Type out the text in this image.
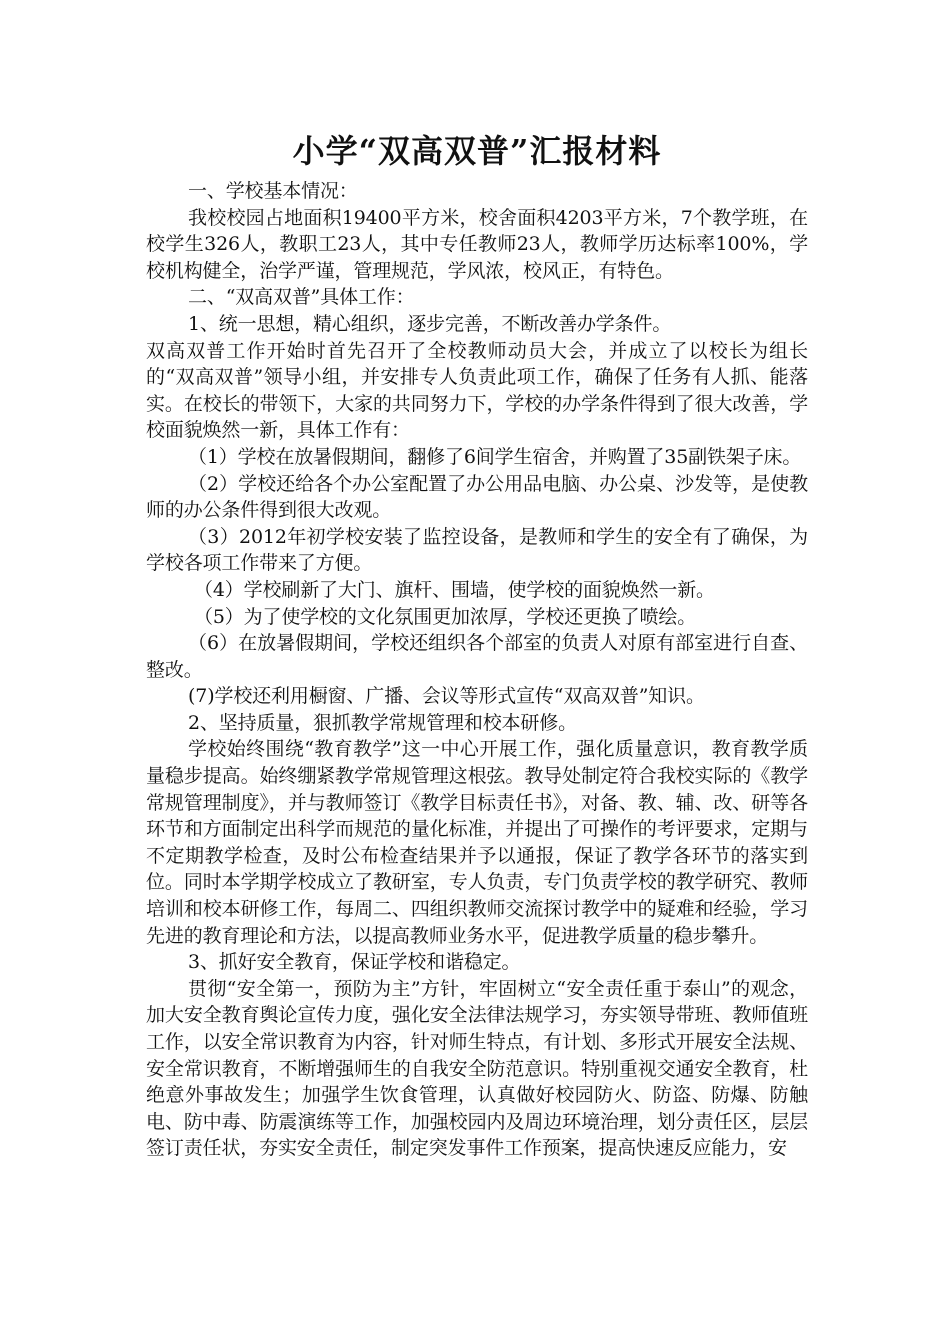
小学“双高双普”汇报材料

一、学校基本情况：

我校校园占地面积19400平方米，校舍面积4203平方米，7个教学班，在校学生326人，教职工23人，其中专任教师23人，教师学历达标率100%，学校机构健全，治学严谨，管理规范，学风浓，校风正，有特色。

二、“双高双普”具体工作：

1、统一思想，精心组织，逐步完善，不断改善办学条件。

双高双普工作开始时首先召开了全校教师动员大会，并成立了以校长为组长的“双高双普”领导小组，并安排专人负责此项工作，确保了任务有人抓、能落实。在校长的带领下，大家的共同努力下，学校的办学条件得到了很大改善，学校面貌焕然一新，具体工作有：

（1）学校在放暑假期间，翻修了6间学生宿舍，并购置了35副铁架子床。

（2）学校还给各个办公室配置了办公用品电脑、办公桌、沙发等，是使教师的办公条件得到很大改观。

（3）2012年初学校安装了监控设备，是教师和学生的安全有了确保，为学校各项工作带来了方便。

（4）学校刷新了大门、旗杆、围墙，使学校的面貌焕然一新。

（5）为了使学校的文化氛围更加浓厚，学校还更换了喷绘。

（6）在放暑假期间，学校还组织各个部室的负责人对原有部室进行自查、整改。

(7)学校还利用橱窗、广播、会议等形式宣传“双高双普”知识。

2、坚持质量，狠抓教学常规管理和校本研修。

学校始终围绕“教育教学”这一中心开展工作，强化质量意识，教育教学质量稳步提高。始终绷紧教学常规管理这根弦。教导处制定符合我校实际的《教学常规管理制度》，并与教师签订《教学目标责任书》，对备、教、辅、改、研等各环节和方面制定出科学而规范的量化标准，并提出了可操作的考评要求，定期与不定期教学检查，及时公布检查结果并予以通报，保证了教学各环节的落实到位。同时本学期学校成立了教研室，专人负责，专门负责学校的教学研究、教师培训和校本研修工作，每周二、四组织教师交流探讨教学中的疑难和经验，学习先进的教育理论和方法，以提高教师业务水平，促进教学质量的稳步攀升。

3、抓好安全教育，保证学校和谐稳定。

贯彻“安全第一，预防为主”方针，牢固树立“安全责任重于泰山”的观念，加大安全教育舆论宣传力度，强化安全法律法规学习，夯实领导带班、教师值班工作，以安全常识教育为内容，针对师生特点，有计划、多形式开展安全法规、安全常识教育，不断增强师生的自我安全防范意识。特别重视交通安全教育，杜绝意外事故发生；加强学生饮食管理，认真做好校园防火、防盗、防爆、防触电、防中毒、防震演练等工作，加强校园内及周边环境治理，划分责任区，层层签订责任状，夯实安全责任，制定突发事件工作预案，提高快速反应能力，安
